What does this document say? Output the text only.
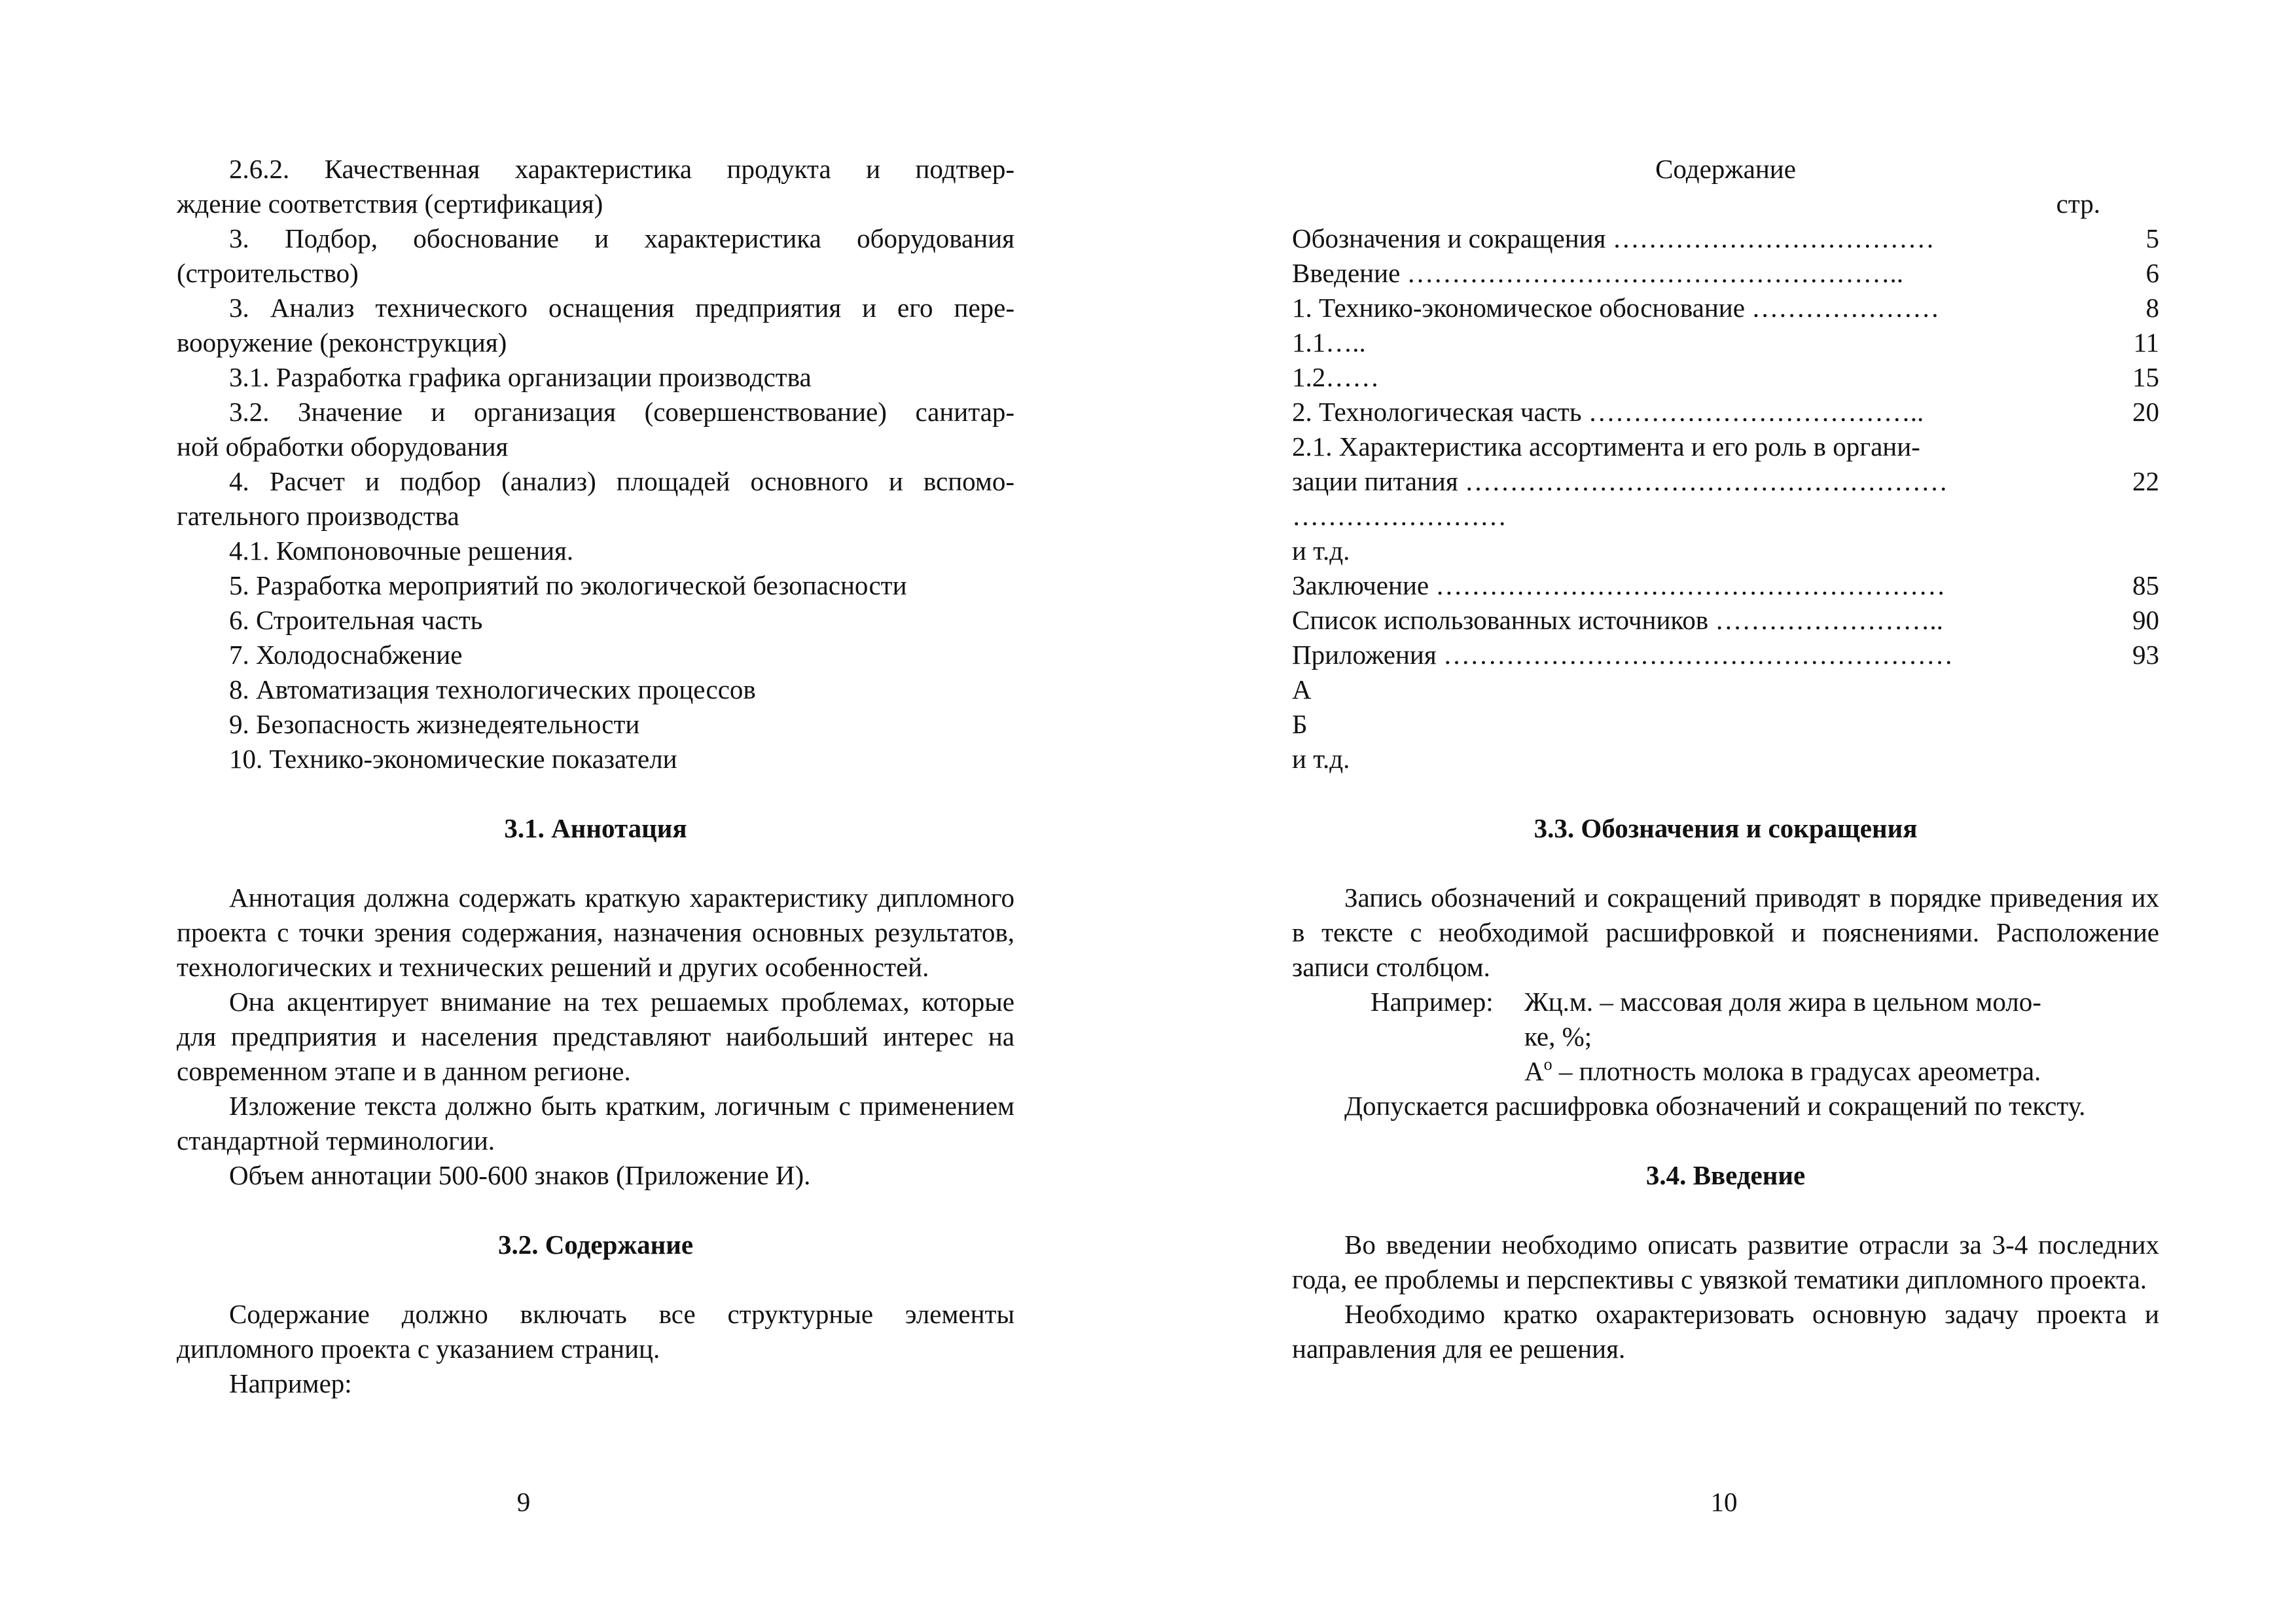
2.6.2. Качественная характеристика продукта и подтвер-

ждение соответствия (сертификация)

3. Подбор, обоснование и характеристика оборудования

(строительство)

3. Анализ технического оснащения предприятия и его пере-

вооружение (реконструкция)

3.1. Разработка графика организации производства

3.2. Значение и организация (совершенствование) санитар-

ной обработки оборудования

4. Расчет и подбор (анализ) площадей основного и вспомо-

гательного производства

4.1. Компоновочные решения.

5. Разработка мероприятий по экологической безопасности

6. Строительная часть

7. Холодоснабжение

8. Автоматизация технологических процессов

9. Безопасность жизнедеятельности

10. Технико-экономические показатели

3.1. Аннотация

Аннотация должна содержать краткую характеристику дипломного проекта с точки зрения содержания, назначения основных результатов, технологических и технических решений и других особенностей.

Она акцентирует внимание на тех решаемых проблемах, которые для предприятия и населения представляют наибольший интерес на современном этапе и в данном регионе.

Изложение текста должно быть кратким, логичным с применением стандартной терминологии.

Объем аннотации 500-600 знаков (Приложение И).

3.2. Содержание

Содержание должно включать все структурные элементы дипломного проекта с указанием страниц.

Например:

9

Содержание

стр.

Обозначения и сокращения ………………………………	5
Введение ………………………………………………..	6
1. Технико-экономическое обоснование …………………	8
1.1…..	11
1.2……	15
2. Технологическая часть ………………………………..	20
2.1. Характеристика ассортимента и его роль в органи-
зации питания ………………………………………………	22
……………………
и т.д.
Заключение …………………………………………………	85
Список использованных источников ……………………..	90
Приложения …………………………………………………	93
А
Б
и т.д.

3.3. Обозначения и сокращения

Запись обозначений и сокращений приводят в порядке приведения их в тексте с необходимой расшифровкой и пояснениями. Расположение записи столбцом.

Например:	Жц.м. – массовая доля жира в цельном моло-

ке, %;

$А^о$ – плотность молока в градусах ареометра.

Допускается расшифровка обозначений и сокращений по тексту.

3.4. Введение

Во введении необходимо описать развитие отрасли за 3-4 последних года, ее проблемы и перспективы с увязкой тематики дипломного проекта.

Необходимо кратко охарактеризовать основную задачу проекта и направления для ее решения.

10
